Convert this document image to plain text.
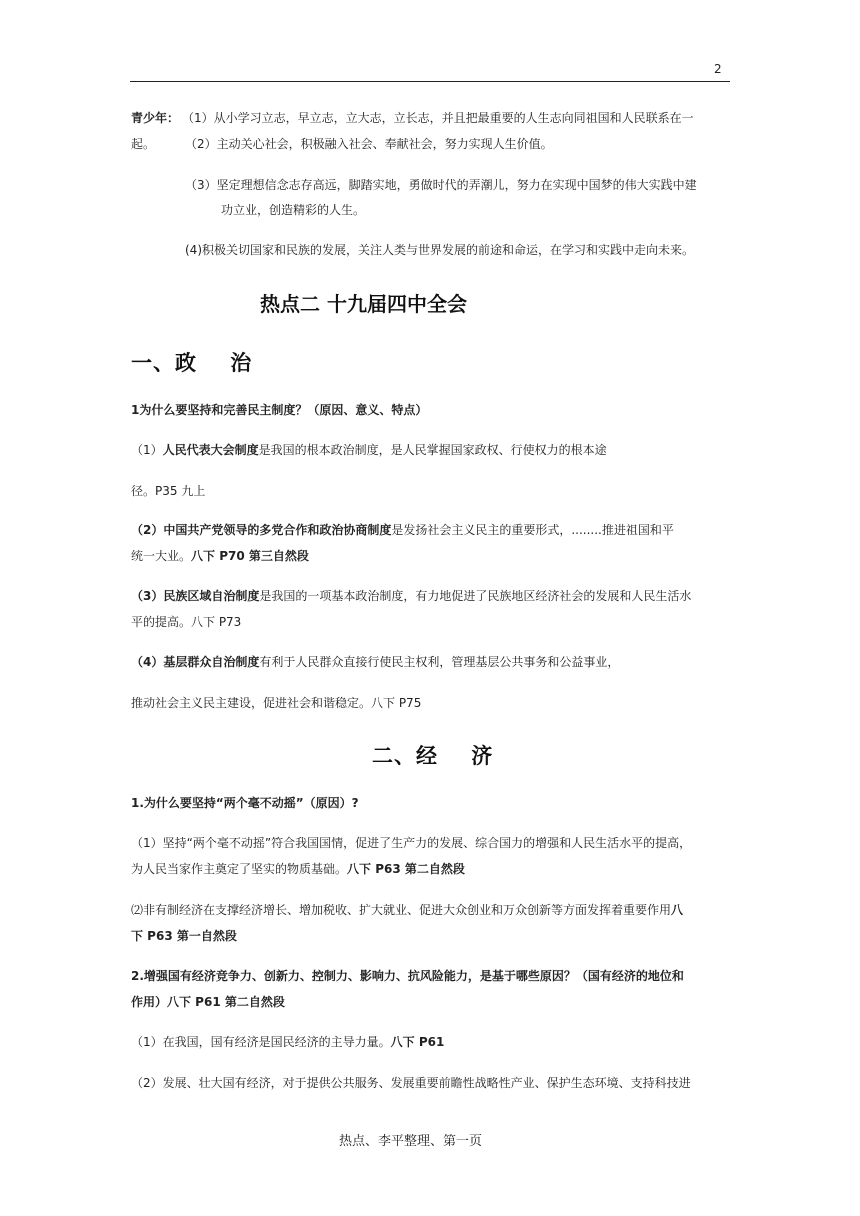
2
青少年： （1）从小学习立志，早立志，立大志，立长志，并且把最重要的人生志向同祖国和人民联系在一
起。 （2）主动关心社会，积极融入社会、奉献社会，努力实现人生价值。
（3）坚定理想信念志存高远，脚踏实地，勇做时代的弄潮儿，努力在实现中国梦的伟大实践中建
功立业，创造精彩的人生。
(4)积极关切国家和民族的发展，关注人类与世界发展的前途和命运，在学习和实践中走向未来。
热点二 十九届四中全会
一、政    治
1为什么要坚持和完善民主制度？（原因、意义、特点）
（1）人民代表大会制度是我国的根本政治制度，是人民掌握国家政权、行使权力的根本途
径。P35 九上
（2）中国共产党领导的多党合作和政治协商制度是发扬社会主义民主的重要形式，........推进祖国和平
统一大业。八下 P70 第三自然段
（3）民族区域自治制度是我国的一项基本政治制度，有力地促进了民族地区经济社会的发展和人民生活水
平的提高。八下 P73
（4）基层群众自治制度有利于人民群众直接行使民主权利，管理基层公共事务和公益事业，
推动社会主义民主建设，促进社会和谐稳定。八下 P75
二、经    济
1.为什么要坚持“两个毫不动摇”（原因）?
（1）坚持“两个毫不动摇”符合我国国情，促进了生产力的发展、综合国力的增强和人民生活水平的提高，
为人民当家作主奠定了坚实的物质基础。八下 P63 第二自然段
⑵非有制经济在支撑经济增长、增加税收、扩大就业、促进大众创业和万众创新等方面发挥着重要作用八
下 P63 第一自然段
2.增强国有经济竞争力、创新力、控制力、影响力、抗风险能力，是基于哪些原因？（国有经济的地位和
作用）八下 P61 第二自然段
（1）在我国，国有经济是国民经济的主导力量。八下 P61
（2）发展、壮大国有经济，对于提供公共服务、发展重要前瞻性战略性产业、保护生态环境、支持科技进
热点、李平整理、第一页
